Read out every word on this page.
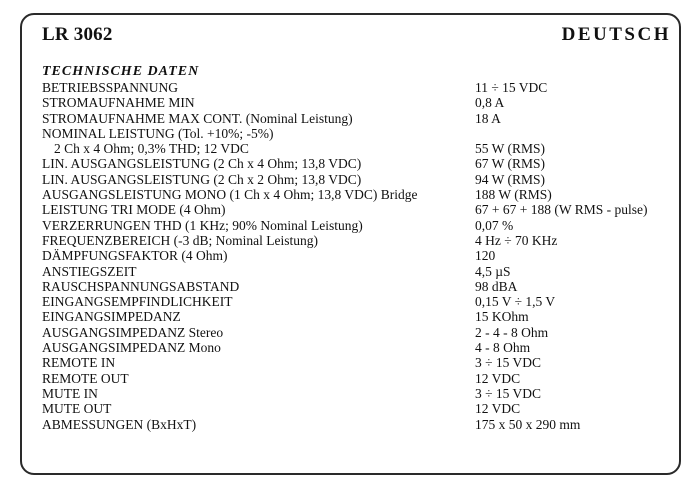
LR 3062	DEUTSCH
TECHNISCHE DATEN
BETRIEBSSPANNUNG	11 ÷ 15 VDC
STROMAUFNAHME MIN	0,8 A
STROMAUFNAHME MAX CONT. (Nominal Leistung)	18 A
NOMINAL LEISTUNG (Tol. +10%; -5%)
2 Ch x 4 Ohm; 0,3% THD; 12 VDC	55 W (RMS)
LIN. AUSGANGSLEISTUNG (2 Ch x 4 Ohm; 13,8 VDC)	67 W (RMS)
LIN. AUSGANGSLEISTUNG (2 Ch x 2 Ohm; 13,8 VDC)	94 W (RMS)
AUSGANGSLEISTUNG MONO (1 Ch x 4 Ohm; 13,8 VDC) Bridge	188 W (RMS)
LEISTUNG TRI MODE (4 Ohm)	67 + 67 + 188 (W RMS - pulse)
VERZERRUNGEN THD (1 KHz; 90% Nominal Leistung)	0,07 %
FREQUENZBEREICH (-3 dB; Nominal Leistung)	4 Hz ÷ 70 KHz
DÄMPFUNGSFAKTOR (4 Ohm)	120
ANSTIEGSZEIT	4,5 µS
RAUSCHSPANNUNGSABSTAND	98 dBA
EINGANGSEMPFINDLICHKEIT	0,15 V ÷ 1,5 V
EINGANGSIMPEDANZ	15 KOhm
AUSGANGSIMPEDANZ Stereo	2 - 4 - 8 Ohm
AUSGANGSIMPEDANZ Mono	4 - 8 Ohm
REMOTE IN	3 ÷ 15 VDC
REMOTE OUT	12 VDC
MUTE IN	3 ÷ 15 VDC
MUTE OUT	12 VDC
ABMESSUNGEN (BxHxT)	175 x 50 x 290 mm
